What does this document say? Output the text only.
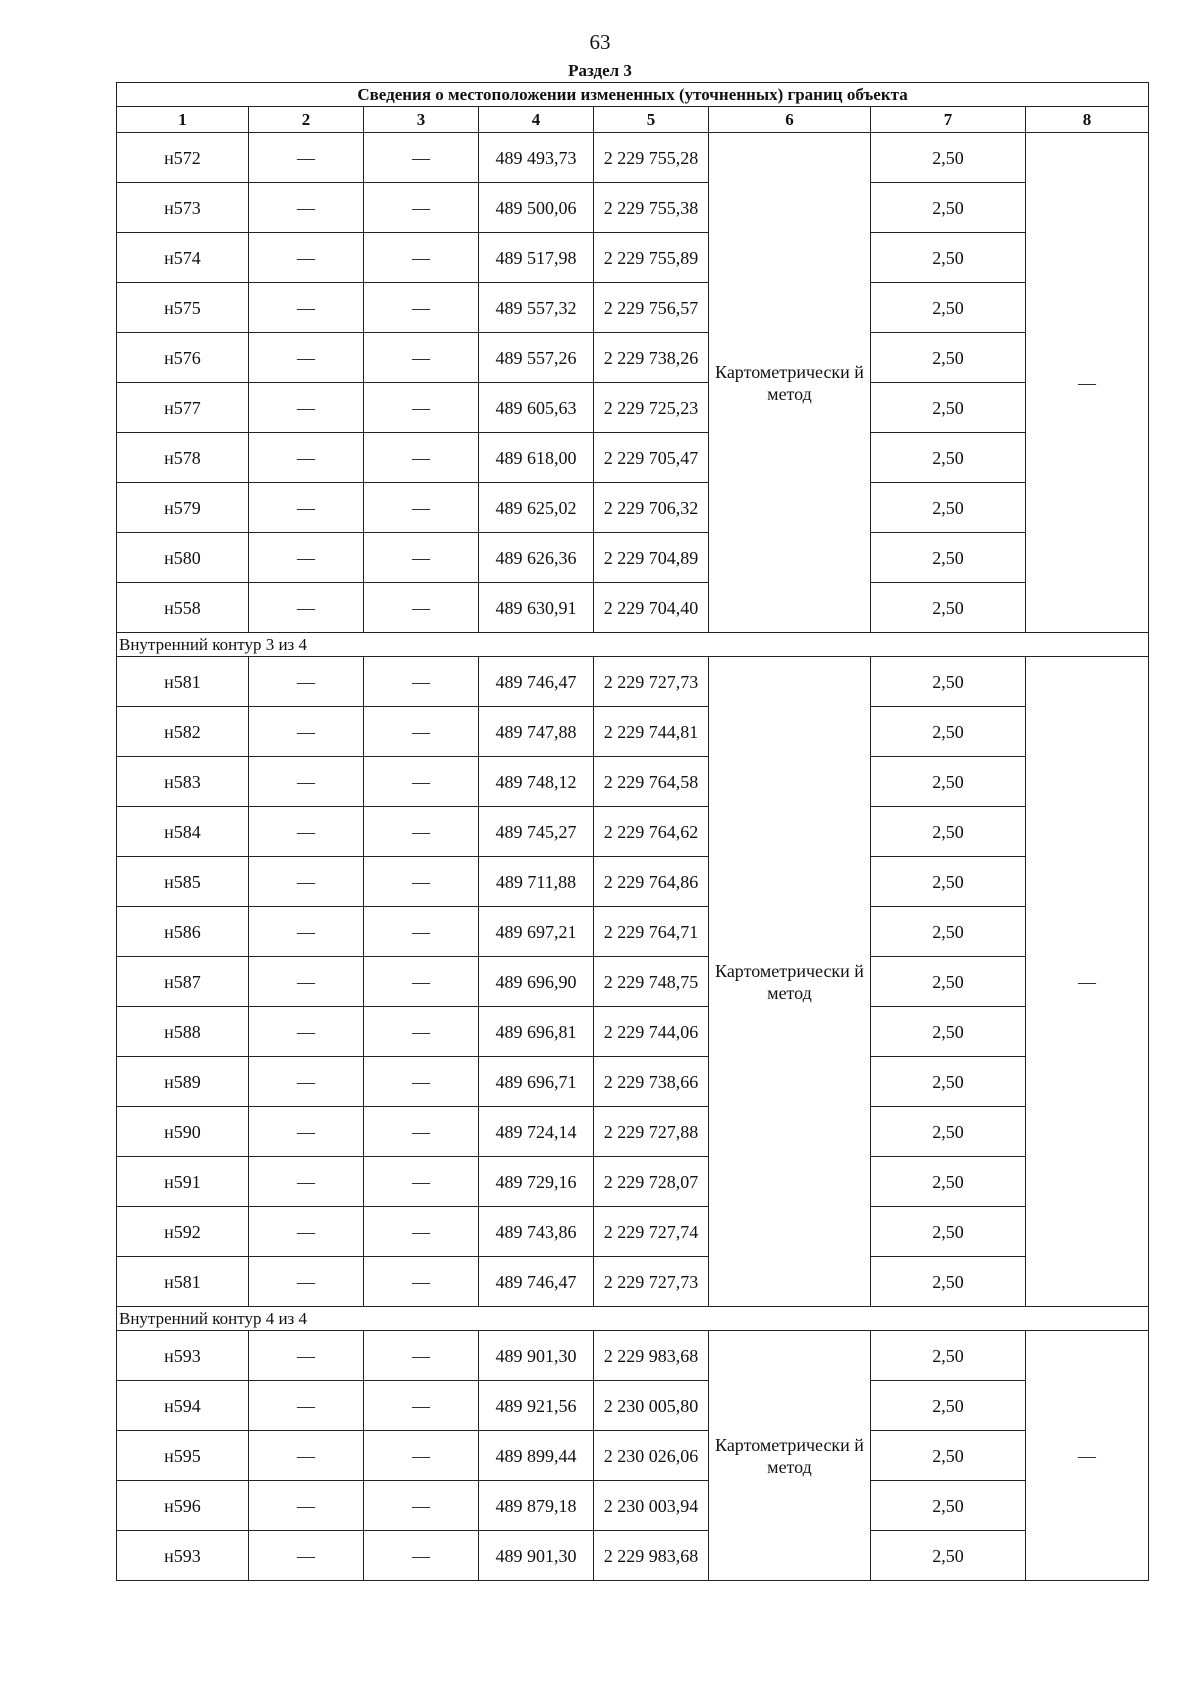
63
Раздел 3
Сведения о местоположении измененных (уточненных) границ объекта							
1	2	3	4	5	6	7	8
н572	—	—	489 493,73	2 229 755,28	Картометрически й метод	2,50	—
н573	—	—	489 500,06	2 229 755,38		2,50	
н574	—	—	489 517,98	2 229 755,89		2,50	
н575	—	—	489 557,32	2 229 756,57		2,50	
н576	—	—	489 557,26	2 229 738,26		2,50	
н577	—	—	489 605,63	2 229 725,23		2,50	
н578	—	—	489 618,00	2 229 705,47		2,50	
н579	—	—	489 625,02	2 229 706,32		2,50	
н580	—	—	489 626,36	2 229 704,89		2,50	
н558	—	—	489 630,91	2 229 704,40		2,50	
Внутренний контур 3 из 4							
н581	—	—	489 746,47	2 229 727,73	Картометрически й метод	2,50	—
н582	—	—	489 747,88	2 229 744,81		2,50	
н583	—	—	489 748,12	2 229 764,58		2,50	
н584	—	—	489 745,27	2 229 764,62		2,50	
н585	—	—	489 711,88	2 229 764,86		2,50	
н586	—	—	489 697,21	2 229 764,71		2,50	
н587	—	—	489 696,90	2 229 748,75		2,50	
н588	—	—	489 696,81	2 229 744,06		2,50	
н589	—	—	489 696,71	2 229 738,66		2,50	
н590	—	—	489 724,14	2 229 727,88		2,50	
н591	—	—	489 729,16	2 229 728,07		2,50	
н592	—	—	489 743,86	2 229 727,74		2,50	
н581	—	—	489 746,47	2 229 727,73		2,50	
Внутренний контур 4 из 4							
н593	—	—	489 901,30	2 229 983,68	Картометрически й метод	2,50	—
н594	—	—	489 921,56	2 230 005,80		2,50	
н595	—	—	489 899,44	2 230 026,06		2,50	
н596	—	—	489 879,18	2 230 003,94		2,50	
н593	—	—	489 901,30	2 229 983,68		2,50	
